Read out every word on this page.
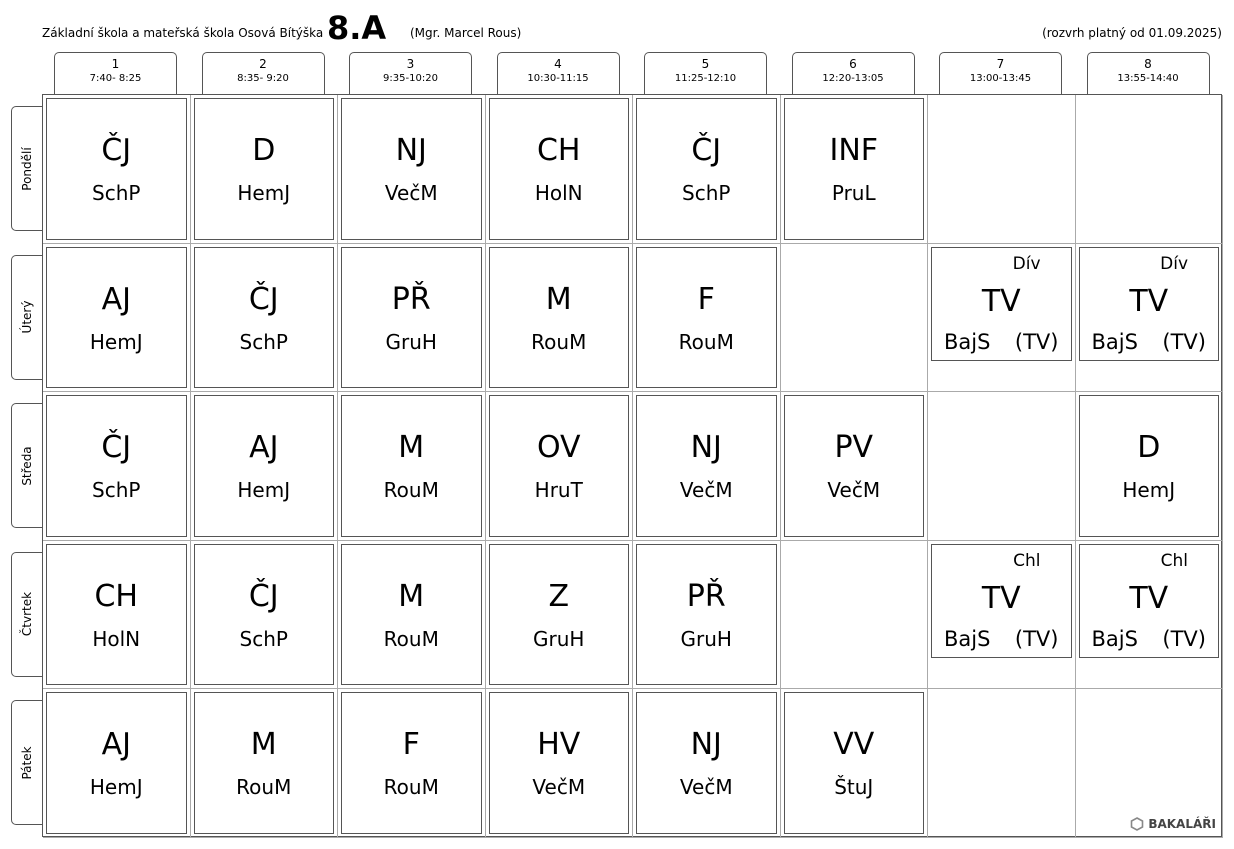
Základní škola a mateřská škola Osová Bítýška 8.A (Mgr. Marcel Rous)	(rozvrh platný od 01.09.2025)
1
7:40- 8:25
2
8:35- 9:20
3
9:35-10:20
4
10:30-11:15
5
11:25-12:10
6
12:20-13:05
7
13:00-13:45
8
13:55-14:40
Pondělí
Úterý
Středa
Čtvrtek
Pátek
ČJ
SchP
D
HemJ
NJ
VečM
CH
HolN
ČJ
SchP
INF
PruL
AJ
HemJ
ČJ
SchP
PŘ
GruH
M
RouM
F
RouM
Dív
TV
BajS (TV)
Dív
TV
BajS (TV)
ČJ
SchP
AJ
HemJ
M
RouM
OV
HruT
NJ
VečM
PV
VečM
D
HemJ
CH
HolN
ČJ
SchP
M
RouM
Z
GruH
PŘ
GruH
Chl
TV
BajS (TV)
Chl
TV
BajS (TV)
AJ
HemJ
M
RouM
F
RouM
HV
VečM
NJ
VečM
VV
ŠtuJ
BAKALÁŘI
